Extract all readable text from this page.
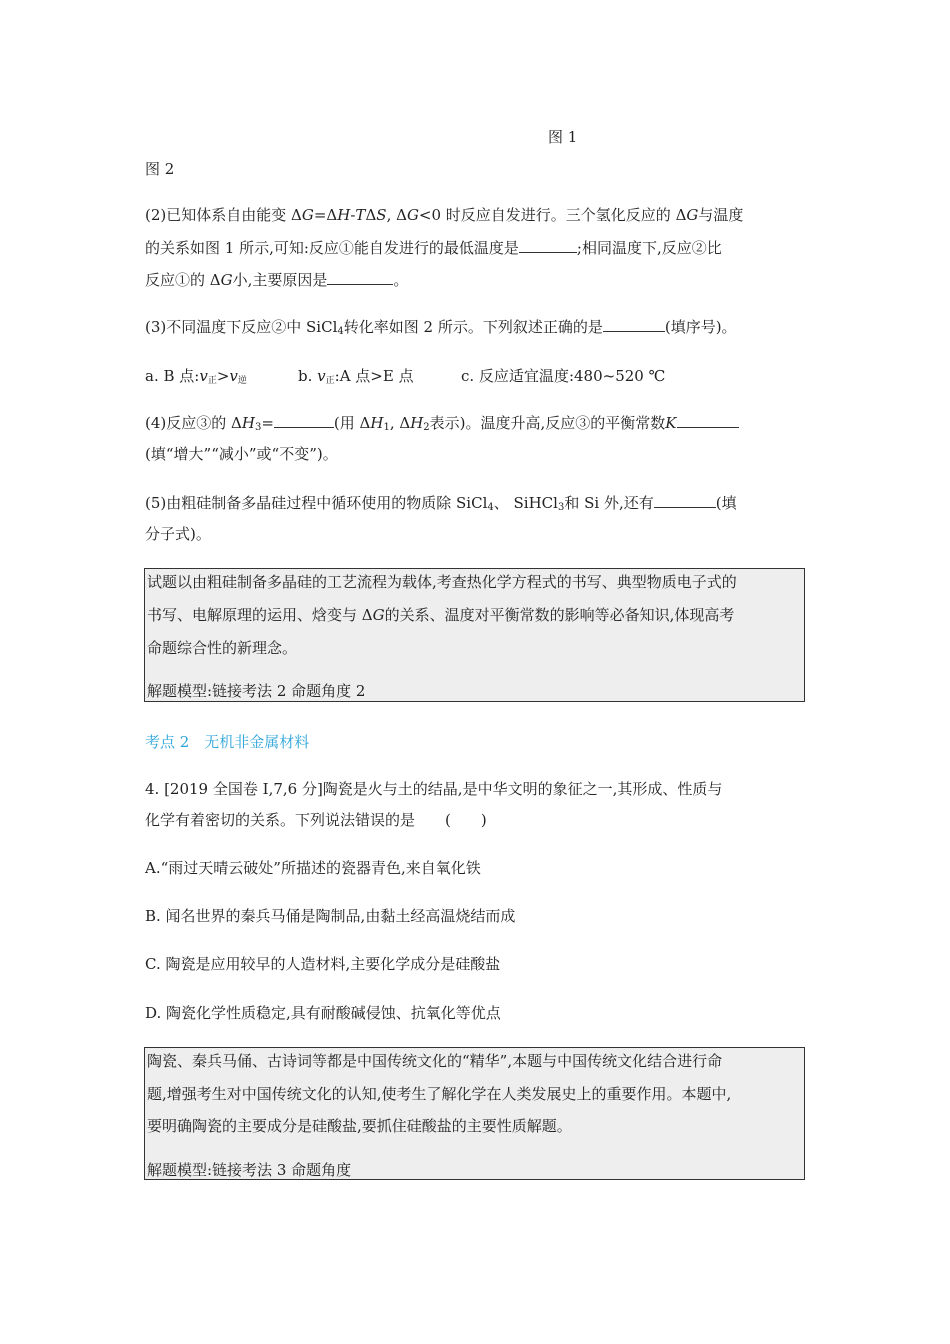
图 1
图 2
(2)已知体系自由能变 ΔG=ΔH-TΔS, ΔG<0 时反应自发进行。三个氢化反应的 ΔG与温度
的关系如图 1 所示,可知:反应①能自发进行的最低温度是	;相同温度下,反应②比
反应①的 ΔG小,主要原因是	。
(3)不同温度下反应②中 SiCl$_4$转化率如图 2 所示。下列叙述正确的是	(填序号)。
a. B 点:v正>v逆	b. v正:A 点>E 点	c. 反应适宜温度:480~520 ℃
(4)反应③的 $\Delta H_3=$	(用 $\Delta H_1$, $\Delta H_2$表示)。温度升高,反应③的平衡常数K
(填“增大”“减小”或“不变”)。
(5)由粗硅制备多晶硅过程中循环使用的物质除 SiCl$_4$、 SiHCl$_3$和 Si 外,还有	(填
分子式)。
试题以由粗硅制备多晶硅的工艺流程为载体,考查热化学方程式的书写、典型物质电子式的
书写、电解原理的运用、焓变与 ΔG的关系、温度对平衡常数的影响等必备知识,体现高考
命题综合性的新理念。
解题模型:链接考法 2 命题角度 2
考点 2　无机非金属材料
4. [2019 全国卷 Ⅰ,7,6 分]陶瓷是火与土的结晶,是中华文明的象征之一,其形成、性质与
化学有着密切的关系。下列说法错误的是　　(　　)
A.“雨过天晴云破处”所描述的瓷器青色,来自氧化铁
B. 闻名世界的秦兵马俑是陶制品,由黏土经高温烧结而成
C. 陶瓷是应用较早的人造材料,主要化学成分是硅酸盐
D. 陶瓷化学性质稳定,具有耐酸碱侵蚀、抗氧化等优点
陶瓷、秦兵马俑、古诗词等都是中国传统文化的“精华”,本题与中国传统文化结合进行命
题,增强考生对中国传统文化的认知,使考生了解化学在人类发展史上的重要作用。本题中,
要明确陶瓷的主要成分是硅酸盐,要抓住硅酸盐的主要性质解题。
解题模型:链接考法 3 命题角度
